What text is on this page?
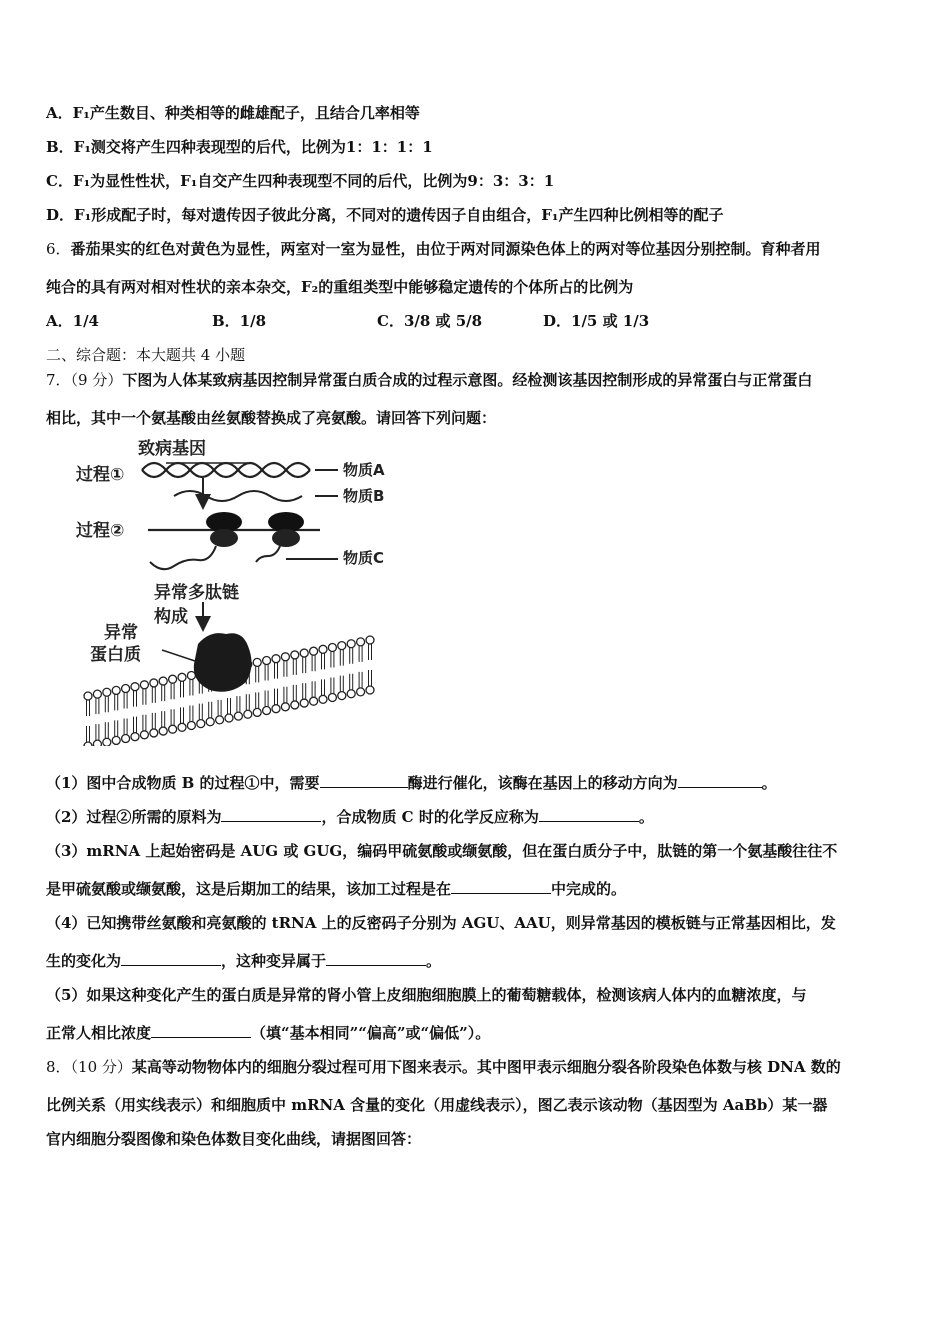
A．F₁产生数目、种类相等的雌雄配子，且结合几率相等
B．F₁测交将产生四种表现型的后代，比例为1：1：1：1
C．F₁为显性性状，F₁自交产生四种表现型不同的后代，比例为9：3：3：1
D．F₁形成配子时，每对遗传因子彼此分离，不同对的遗传因子自由组合，F₁产生四种比例相等的配子
6．番茄果实的红色对黄色为显性，两室对一室为显性，由位于两对同源染色体上的两对等位基因分别控制。育种者用
纯合的具有两对相对性状的亲本杂交，F₂的重组类型中能够稳定遗传的个体所占的比例为
A．1/4	B．1/8	C．3/8 或 5/8	D．1/5 或 1/3
二、综合题：本大题共 4 小题
7．（9 分）下图为人体某致病基因控制异常蛋白质合成的过程示意图。经检测该基因控制形成的异常蛋白与正常蛋白
相比，其中一个氨基酸由丝氨酸替换成了亮氨酸。请回答下列问题：
致病基因
过程①	物质A
物质B
过程②
物质C
异常多肽链
构成
异常
蛋白质
（1）图中合成物质 B 的过程①中，需要	酶进行催化，该酶在基因上的移动方向为	。
（2）过程②所需的原料为	，合成物质 C 时的化学反应称为	。
（3）mRNA 上起始密码是 AUG 或 GUG，编码甲硫氨酸或缬氨酸，但在蛋白质分子中，肽链的第一个氨基酸往往不
是甲硫氨酸或缬氨酸，这是后期加工的结果，该加工过程是在	中完成的。
（4）已知携带丝氨酸和亮氨酸的 tRNA 上的反密码子分别为 AGU、AAU，则异常基因的模板链与正常基因相比，发
生的变化为	，这种变异属于	。
（5）如果这种变化产生的蛋白质是异常的肾小管上皮细胞细胞膜上的葡萄糖载体，检测该病人体内的血糖浓度，与
正常人相比浓度	（填“基本相同”“偏高”或“偏低”）。
8．（10 分）某高等动物物体内的细胞分裂过程可用下图来表示。其中图甲表示细胞分裂各阶段染色体数与核 DNA 数的
比例关系（用实线表示）和细胞质中 mRNA 含量的变化（用虚线表示），图乙表示该动物（基因型为 AaBb）某一器
官内细胞分裂图像和染色体数目变化曲线，请据图回答：
